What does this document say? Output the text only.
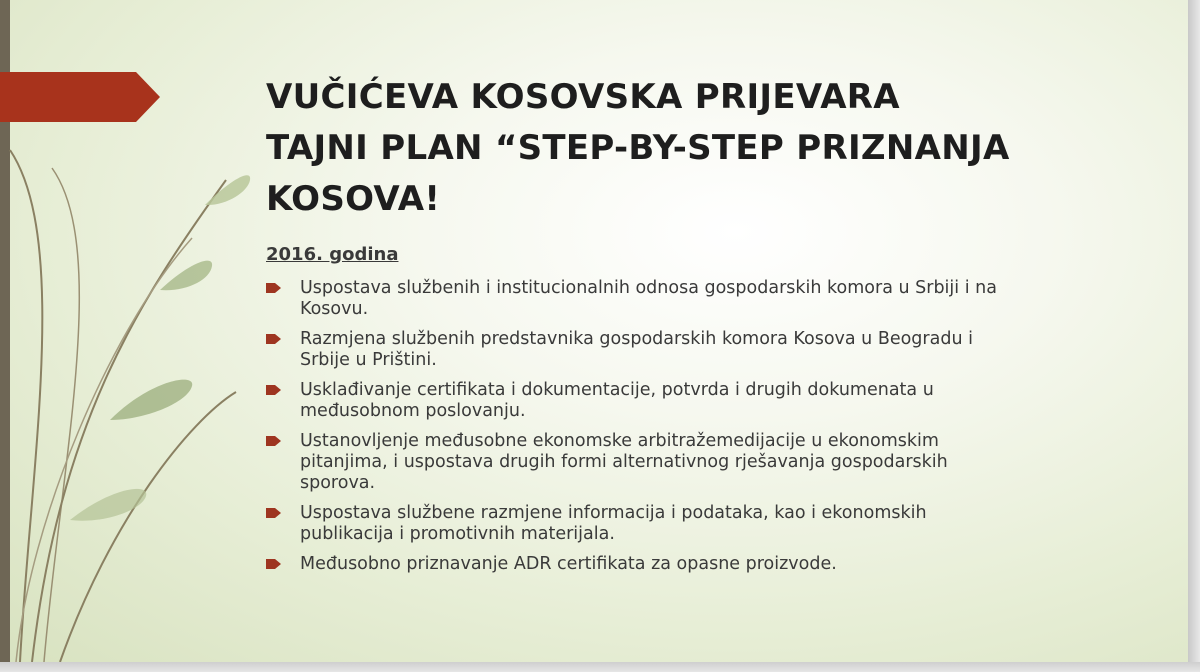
VUČIĆEVA KOSOVSKA PRIJEVARA
TAJNI PLAN “STEP-BY-STEP PRIZNANJA
KOSOVA!
2016. godina
Uspostava službenih i institucionalnih odnosa gospodarskih komora u Srbiji i na
Kosovu.
Razmjena službenih predstavnika gospodarskih komora Kosova u Beogradu i
Srbije u Prištini.
Usklađivanje certifikata i dokumentacije, potvrda i drugih dokumenata u
međusobnom poslovanju.
Ustanovljenje međusobne ekonomske arbitražemedijacije u ekonomskim
pitanjima, i uspostava drugih formi alternativnog rješavanja gospodarskih
sporova.
Uspostava službene razmjene informacija i podataka, kao i ekonomskih
publikacija i promotivnih materijala.
Međusobno priznavanje ADR certifikata za opasne proizvode.
